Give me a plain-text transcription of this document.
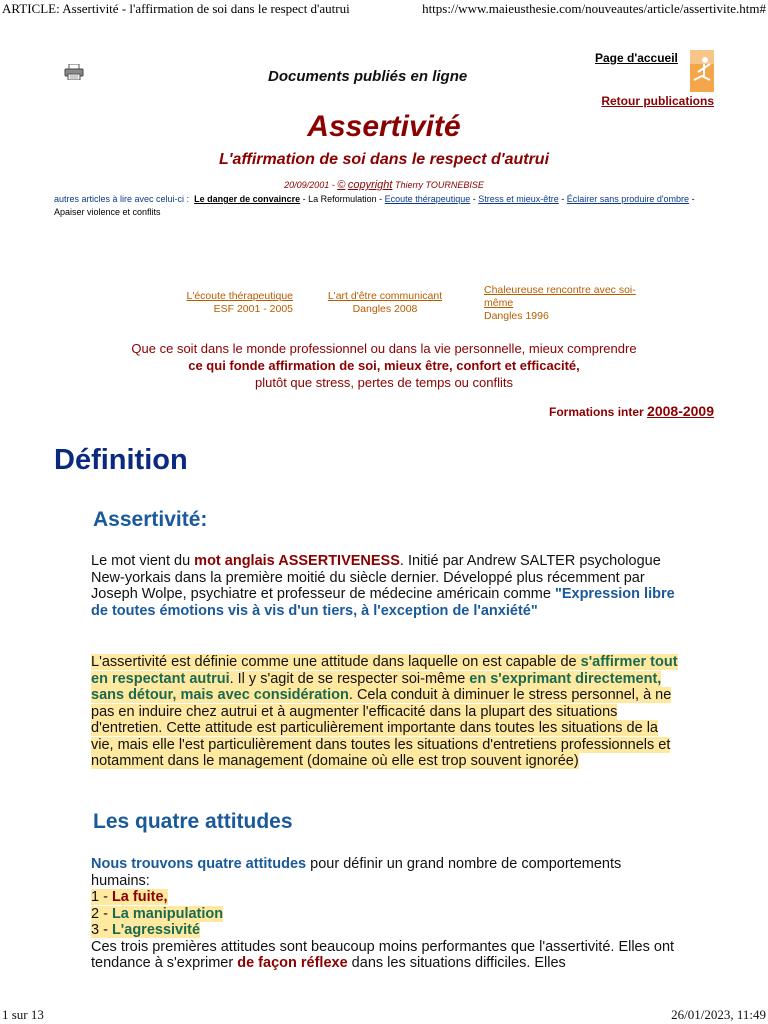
ARTICLE: Assertivité - l'affirmation de soi dans le respect d'autrui	https://www.maieusthesie.com/nouveautes/article/assertivite.htm#
Documents publiés en ligne
Page d'accueil
Retour publications
Assertivité
L'affirmation de soi dans le respect d'autrui
20/09/2001 - © copyright Thierry TOURNEBISE
autres articles à lire avec celui-ci : Le danger de convaincre - La Reformulation - Ecoute thérapeutique - Stress et mieux-être - Éclairer sans produire d'ombre - Apaiser violence et conflits
L'écoute thérapeutique
ESF 2001 - 2005
L'art d'être communicant
Dangles 2008
Chaleureuse rencontre avec soi-même
Dangles 1996
Que ce soit dans le monde professionnel ou dans la vie personnelle, mieux comprendre
ce qui fonde affirmation de soi, mieux être, confort et efficacité,
plutôt que stress, pertes de temps ou conflits
Formations inter 2008-2009
Définition
Assertivité:
Le mot vient du mot anglais ASSERTIVENESS. Initié par Andrew SALTER psychologue New-yorkais dans la première moitié du siècle dernier. Développé plus récemment par Joseph Wolpe, psychiatre et professeur de médecine américain comme "Expression libre de toutes émotions vis à vis d'un tiers, à l'exception de l'anxiété"
L'assertivité est définie comme une attitude dans laquelle on est capable de s'affirmer tout en respectant autrui. Il y s'agit de se respecter soi-même en s'exprimant directement, sans détour, mais avec considération. Cela conduit à diminuer le stress personnel, à ne pas en induire chez autrui et à augmenter l'efficacité dans la plupart des situations d'entretien. Cette attitude est particulièrement importante dans toutes les situations de la vie, mais elle l'est particulièrement dans toutes les situations d'entretiens professionnels et notamment dans le management (domaine où elle est trop souvent ignorée)
Les quatre attitudes
Nous trouvons quatre attitudes pour définir un grand nombre de comportements humains:
1 - La fuite,
2 - La manipulation
3 - L'agressivité
Ces trois premières attitudes sont beaucoup moins performantes que l'assertivité. Elles ont tendance à s'exprimer de façon réflexe dans les situations difficiles. Elles
1 sur 13	26/01/2023, 11:49
